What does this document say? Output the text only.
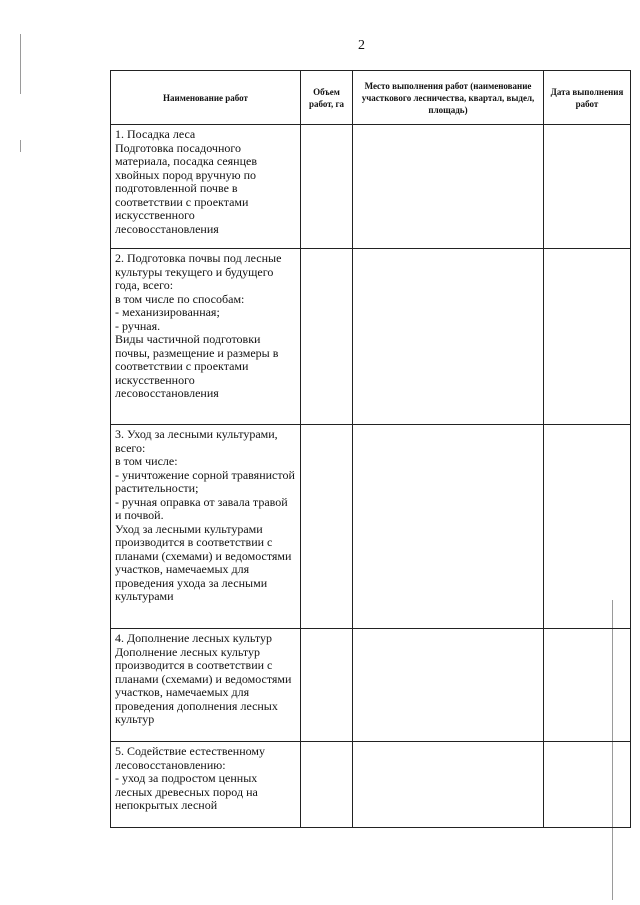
2
Наименование работ	Объем работ, га	Место выполнения работ (наименование участкового лесничества, квартал, выдел, площадь)	Дата выполнения работ
1. Посадка леса
Подготовка посадочного материала, посадка сеянцев хвойных пород вручную по подготовленной почве в соответствии с проектами искусственного лесовосстановления			
2. Подготовка почвы под лесные культуры текущего и будущего года, всего:
в том числе по способам:
- механизированная;
- ручная.
Виды частичной подготовки почвы, размещение и размеры в соответствии с проектами искусственного лесовосстановления			
3. Уход за лесными культурами, всего:
в том числе:
- уничтожение сорной травянистой растительности;
- ручная оправка от завала травой и почвой.
Уход за лесными культурами производится в соответствии с планами (схемами) и ведомостями участков, намечаемых для проведения ухода за лесными культурами			
4. Дополнение лесных культур
Дополнение лесных культур производится в соответствии с планами (схемами) и ведомостями участков, намечаемых для проведения дополнения лесных культур			
5. Содействие естественному лесовосстановлению:
- уход за подростом ценных лесных древесных пород на непокрытых лесной			
